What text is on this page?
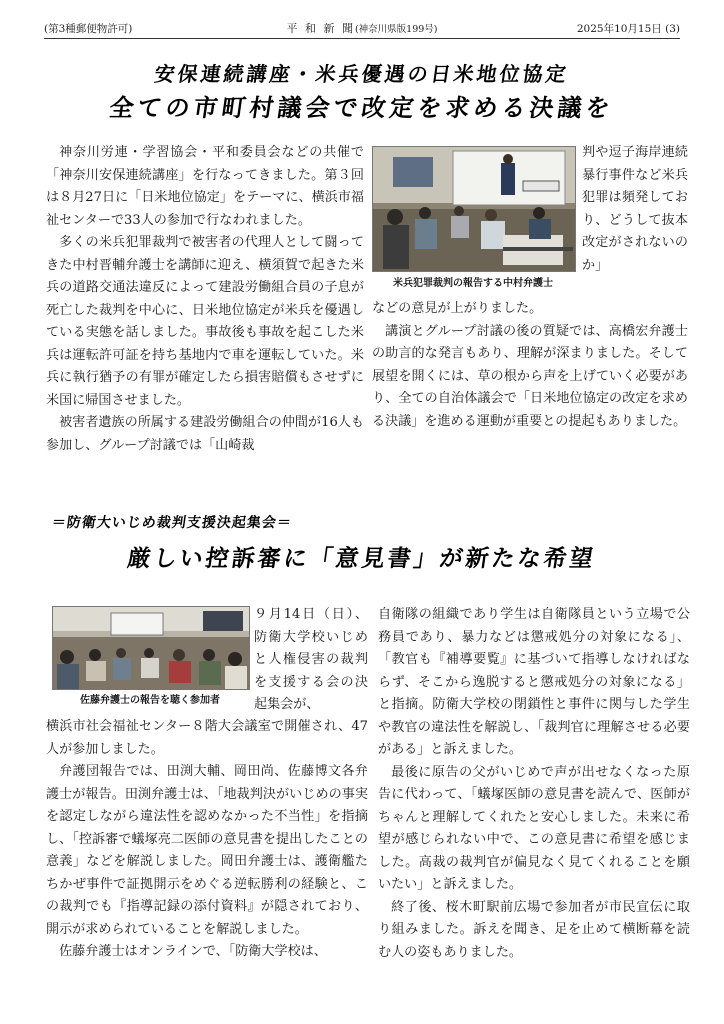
(第3種郵便物許可)	平 和 新 聞(神奈川県版199号)	2025年10月15日 (3)
安保連続講座・米兵優遇の日米地位協定
全ての市町村議会で改定を求める決議を

神奈川労連・学習協会・平和委員会などの共催で「神奈川安保連続講座」を行なってきました。第３回は８月27日に「日米地位協定」をテーマに、横浜市福祉センターで33人の参加で行なわれました。

多くの米兵犯罪裁判で被害者の代理人として闘ってきた中村晋輔弁護士を講師に迎え、横須賀で起きた米兵の道路交通法違反によって建設労働組合員の子息が死亡した裁判を中心に、日米地位協定が米兵を優遇している実態を話しました。事故後も事故を起こした米兵は運転許可証を持ち基地内で車を運転していた。米兵に執行猶予の有罪が確定したら損害賠償もさせずに米国に帰国させました。

被害者遺族の所属する建設労働組合の仲間が16人も参加し、グループ討議では「山崎裁

米兵犯罪裁判の報告する中村弁護士
判や逗子海岸連続暴行事件など米兵犯罪は頻発しており、どうして抜本改定がされないのか」

などの意見が上がりました。

講演とグループ討議の後の質疑では、高橋宏弁護士の助言的な発言もあり、理解が深まりました。そして展望を開くには、草の根から声を上げていく必要があり、全ての自治体議会で「日米地位協定の改定を求める決議」を進める運動が重要との提起もありました。

＝防衛大いじめ裁判支援決起集会＝
厳しい控訴審に「意見書」が新たな希望
佐藤弁護士の報告を聴く参加者
９月14日（日）、防衛大学校いじめと人権侵害の裁判を支援する会の決起集会が、

横浜市社会福祉センター８階大会議室で開催され、47人が参加しました。

弁護団報告では、田渕大輔、岡田尚、佐藤博文各弁護士が報告。田渕弁護士は、「地裁判決がいじめの事実を認定しながら違法性を認めなかった不当性」を指摘し、「控訴審で蟻塚亮二医師の意見書を提出したことの意義」などを解説しました。岡田弁護士は、護衛艦たちかぜ事件で証拠開示をめぐる逆転勝利の経験と、この裁判でも『指導記録の添付資料』が隠されており、開示が求められていることを解説しました。

佐藤弁護士はオンラインで、「防衛大学校は、

自衛隊の組織であり学生は自衛隊員という立場で公務員であり、暴力などは懲戒処分の対象になる」、「教官も『補導要覧』に基づいて指導しなければならず、そこから逸脱すると懲戒処分の対象になる」と指摘。防衛大学校の閉鎖性と事件に関与した学生や教官の違法性を解説し、「裁判官に理解させる必要がある」と訴えました。

最後に原告の父がいじめで声が出せなくなった原告に代わって、「蟻塚医師の意見書を読んで、医師がちゃんと理解してくれたと安心しました。未来に希望が感じられない中で、この意見書に希望を感じました。高裁の裁判官が偏見なく見てくれることを願いたい」と訴えました。

終了後、桜木町駅前広場で参加者が市民宣伝に取り組みました。訴えを聞き、足を止めて横断幕を読む人の姿もありました。
